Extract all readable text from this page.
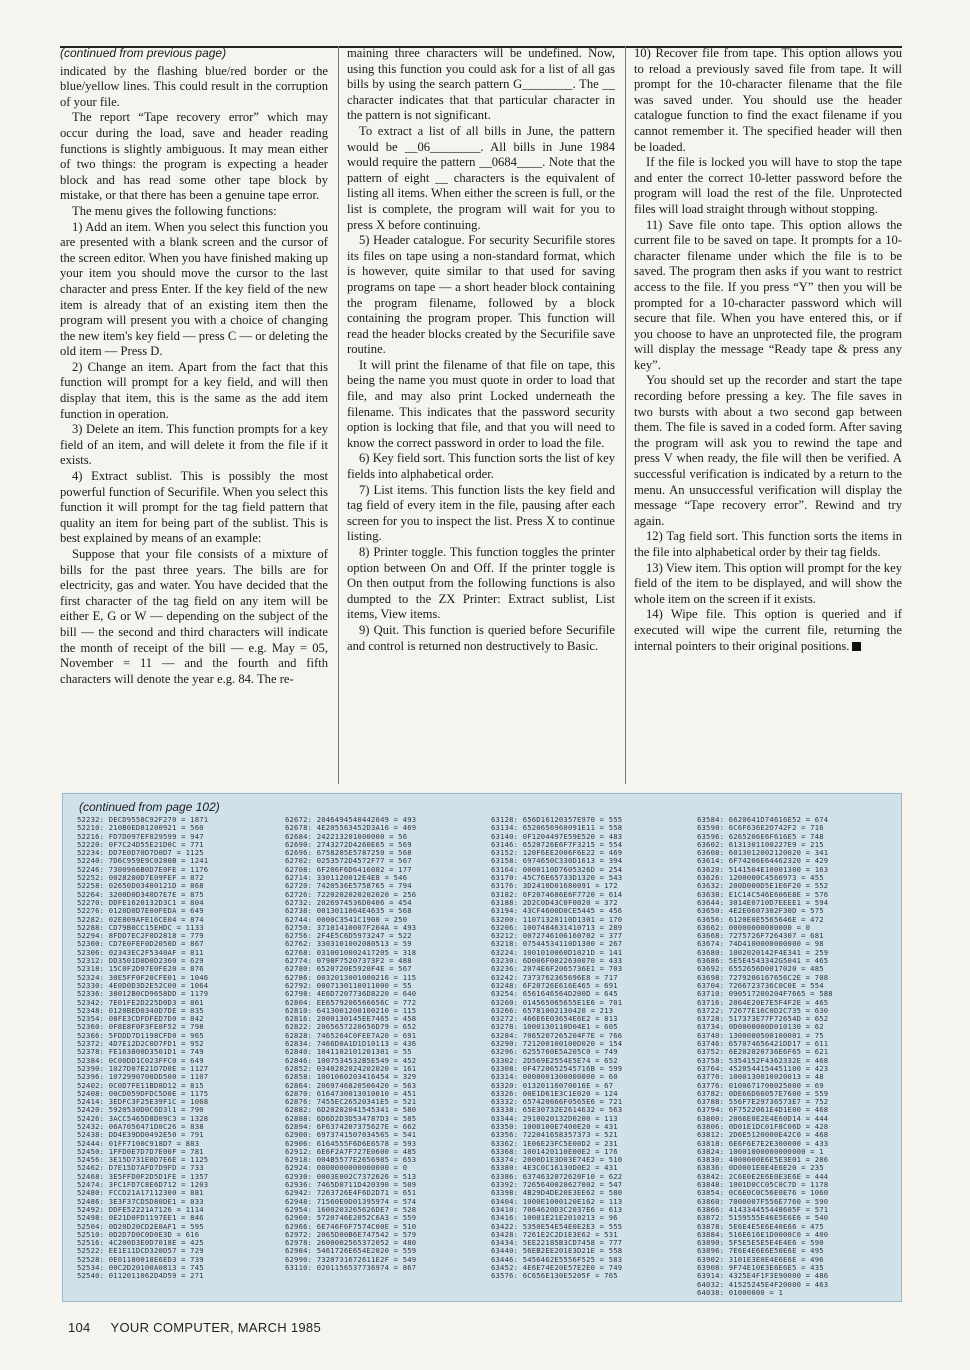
(continued from previous page)

indicated by the flashing blue/red border or the blue/yellow lines. This could result in the corruption of your file.

The report “Tape recovery error” which may occur during the load, save and header reading functions is slightly ambiguous. It may mean either of two things: the program is expecting a header block and has read some other tape block by mistake, or that there has been a genuine tape error.

The menu gives the following functions:

1) Add an item. When you select this function you are presented with a blank screen and the cursor of the screen editor. When you have finished making up your item you should move the cursor to the last character and press Enter. If the key field of the new item is already that of an existing item then the program will present you with a choice of changing the new item's key field — press C — or deleting the old item — Press D.

2) Change an item. Apart from the fact that this function will prompt for a key field, and will then display that item, this is the same as the add item function in operation.

3) Delete an item. This function prompts for a key field of an item, and will delete it from the file if it exists.

4) Extract sublist. This is possibly the most powerful function of Securifile. When you select this function it will prompt for the tag field pattern that quality an item for being part of the sublist. This is best explained by means of an example:

Suppose that your file consists of a mixture of bills for the past three years. The bills are for electricity, gas and water. You have decided that the first character of the tag field on any item will be either E, G or W — depending on the subject of the bill — the second and third characters will indicate the month of receipt of the bill — e.g. May = 05, November = 11 — and the fourth and fifth characters will denote the year e.g. 84. The re-

maining three characters will be undefined. Now, using this function you could ask for a list of all gas bills by using the search pattern G________. The __ character indicates that that particular character in the pattern is not significant.

To extract a list of all bills in June, the pattern would be __06________. All bills in June 1984 would require the pattern __0684____. Note that the pattern of eight __ characters is the equivalent of listing all items. When either the screen is full, or the list is complete, the program will wait for you to press X before continuing.

5) Header catalogue. For security Securifile stores its files on tape using a non-standard format, which is however, quite similar to that used for saving programs on tape — a short header block containing the program filename, followed by a block containing the program proper. This function will read the header blocks created by the Securifile save routine.

It will print the filename of that file on tape, this being the name you must quote in order to load that file, and may also print Locked underneath the filename. This indicates that the password security option is locking that file, and that you will need to know the correct password in order to load the file.

6) Key field sort. This function sorts the list of key fields into alphabetical order.

7) List items. This function lists the key field and tag field of every item in the file, pausing after each screen for you to inspect the list. Press X to continue listing.

8) Printer toggle. This function toggles the printer option between On and Off. If the printer toggle is On then output from the following functions is also dumpted to the ZX Printer: Extract sublist, List items, View items.

9) Quit. This function is queried before Securifile and control is returned non destructively to Basic.

10) Recover file from tape. This option allows you to reload a previously saved file from tape. It will prompt for the 10-character filename that the file was saved under. You should use the header catalogue function to find the exact filename if you cannot remember it. The specified header will then be loaded.

If the file is locked you will have to stop the tape and enter the correct 10-letter password before the program will load the rest of the file. Unprotected files will load straight through without stopping.

11) Save file onto tape. This option allows the current file to be saved on tape. It prompts for a 10-character filename under which the file is to be saved. The program then asks if you want to restrict access to the file. If you press “Y” then you will be prompted for a 10-character password which will secure that file. When you have entered this, or if you choose to have an unprotected file, the program will display the message “Ready tape & press any key”.

You should set up the recorder and start the tape recording before pressing a key. The file saves in two bursts with about a two second gap between them. The file is saved in a coded form. After saving the program will ask you to rewind the tape and press V when ready, the file will then be verified. A successful verification is indicated by a return to the menu. An unsuccessful verification will display the message “Tape recovery error”. Rewind and try again.

12) Tag field sort. This function sorts the items in the file into alphabetical order by their tag fields.

13) View item. This option will prompt for the key field of the item to be displayed, and will show the whole item on the screen if it exists.

14) Wipe file. This option is queried and if executed will wipe the current file, returning the internal pointers to their original positions.

(continued from page 102)
52232: DECD9558C92F270 = 1871
52210: 210B0ED81200921 = 560
52216: FD7D097EF029599 = 947
52220: 0F7C24D55E21D0C = 771
52234: DD7E0D70D7D0D7 = 1125
52240: 7D6C959E9C0280B = 1241
52246: 7300966B0D7E0FE = 1176
52252: 0028200D7E09FEF = 872
52258: 02650D03400121D = 868
52264: 3200D0D340D7E7E = 875
52270: DDFE1620132D3C1 = 804
52276: 0120D0D7E00FEDA = 649
52282: 02E809AFE16CE04 = 874
52288: CD79B0CC15EHDC = 1133
52294: 8FDD7EC2F0D2818 = 779
52300: CD7E0FEF0D2050D = 867
52306: 02343EC2F5340AF = 811
52312: DD3501D0D0D2360 = 629
52318: 15C0F2D07E0FE20 = 876
52324: 30E5FF0F20CFE01 = 1046
52330: 4E0D0D3D2E52C00 = 1064
52336: 38012B0CD9658DD = 1179
52342: 7E01FE2D225D0D3 = 861
52348: 0120BED0340D7DE = 835
52354: 08FE3CDFDFED7D0 = 842
52360: 0F8E8F0F3FE0F52 = 798
52366: 5FDDD7D1198CFD0 = 965
52372: 4D7E12D2C0D7FD1 = 952
52378: FE163800D3501D1 = 749
52384: 0C00DD1C023FFC0 = 649
52390: 1027D07E21D7D0E = 1127
52396: 1072990700DD500 = 1107
52402: 0C0D7FE11BD8D12 = 815
52408: 00CD059DFDC5D0E = 1175
52414: 3EDFC3F25E39F1C = 1068
52420: 5920530D0C6D3l1 = 790
52426: 3ACC5465D8D09C3 = 1328
52432: 06A7056471D0C26 = 838
52438: DD4E39DD0492E50 = 791
52444: 01FF7100C918D7 = 883
52450: 1FFD0E7D7D7E00F = 781
52456: 3E15D731E0D7E6E = 1125
52462: D7E15D7AFD7D9FD = 733
52468: 3E5FFD0F2D5D1FE = 1357
52474: 3FC1FD7C8E6D712 = 1203
52480: FCCD21A17112300 = 881
52486: 3E3F37CD5D80DE1 = 833
52492: DDFE52221A7126 = 1114
52498: 0E21D0FD1197EE1 = 846
52504: 0D20D20CD2E0AF1 = 595
52510: 0D2D7D0C0D0E3D = 616
52516: 4C200D3E0D7018E = 425
52522: EE1E11DCD320D57 = 729
52528: 0E01180018E6ED3 = 739
52534: 00C2D20100A0813 = 745
52540: 0112011062D4D59 = 271
62672: 2046494540442049 = 493
62678: 4E205563452D3A16 = 469
62684: 242213201000000 = 56
62690: 2743272D4260E65 = 569
62696: 6758205E5787250 = 568
62702: 0253572D4572F77 = 567
62708: 6F206F6D6416002 = 177
62714: 3301120012E4E8 = 546
62720: 7420536E5758765 = 794
62726: 7220202020202020 = 256
62732: 2026974536D0406 = 454
62738: 0013011064E4635 = 568
62744: 0000C3541C1900 = 250
62750: 37101410007F204A = 493
62756: 2F4E5C6D5973247 = 522
62762: 3303101002080513 = 59
62768: 0310010002417205 = 318
62774: 0798F75207373F2 = 488
62780: 6520720E5920F4E = 567
62786: 0032013001000216 = 115
62792: 0007130110011000 = 55
62798: 4E6D7207736D8220 = 640
62804: EE6579206566656C = 772
62810: 6413001200100210 = 115
62816: 2000130145EE7465 = 458
62822: 2065657220656D79 = 652
62828: 7465264C0FEE7A20 = 691
62834: 7466D0A1D1D10113 = 436
62840: 1041102101201301 = 55
62846: 1007534532B5E549 = 452
62852: 0340202024202020 = 161
62858: 1001060203416454 = 329
62864: 2069746820506420 = 563
62870: 6164730013010010 = 451
62876: 7455EC26520341E5 = 521
62882: 6D20202041545341 = 580
62888: 6D6D2D3D534787D3 = 585
62894: 6F6374207375627E = 662
62900: 6973741507034565 = 541
62906: 6164555F6D6E6578 = 593
62912: 6E6F2A7F727E0600 = 485
62918: 004B5577E2656985 = 653
62924: 0000000000000000 = 0
62930: 0003E002C7372626 = 513
62936: 7465D0711D420390 = 509
62942: 7263726E4F6D2D71 = 651
62948: 71560E0D01395974 = 574
62954: 1600203265626DE7 = 528
62960: 5720746E2052C6A3 = 559
62966: 6E746F6F7574C00E = 510
62972: 2065D00B6E747542 = 579
62978: 2600002565372052 = 480
62984: 5461726E654E2020 = 559
62990: 7320731672611E2F = 549
63110: 0201156537736974 = 867
63128: 656D16120357E970 = 555
63134: 6520656960091E11 = 558
63140: 0F1204497E59E520 = 483
63146: 6520726E6F7F3215 = 554
63152: 120F6EE2006F6E22 = 469
63158: 6974650C330D1613 = 394
63164: 0000110D7605326D = 254
63170: 45C76E65733D1320 = 543
63176: 3D2410D01680091 = 172
63182: 6F2074686E6F7720 = 614
63188: 2D2C0D43C0F0020 = 372
63194: 43CF4600D0CE5445 = 456
63200: 11071320110D1301 = 170
63206: 1007484631410713 = 289
63212: 0072746106160702 = 377
63218: 07544534110D1300 = 267
63224: 1001010060D1021D = 141
63230: 6D006F0022630070 = 433
63236: 2074E6F2065736E1 = 703
63242: 7373762365696E8 = 717
63248: 6F20726E616E465 = 691
63254: 6561646564D200D = 645
63260: 014565065655E1E6 = 701
63266: 65781002130420 = 213
63272: 466E6E03654E6E2 = 813
63278: 1000130110D04E1 = 605
63284: 7065207265204F7E = 766
63290: 721200100100D020 = 154
63296: 6255760E5A205C0 = 749
63302: 2D569E2554E5E74 = 652
63308: 0F4720652545716B = 599
63314: 0000001300000000 = 60
63320: 01320116070016E = 67
63326: 00E1D61E3C1E020 = 124
63332: 657420666F0565E6 = 721
63338: 65E30732E2614632 = 563
63344: 2910020132D0200 = 113
63350: 1000100E7400E20 = 431
63356: 722041658357373 = 521
63362: 1E06E23FC5E00D2 = 231
63368: 1001420110E00E2 = 176
63374: 2000D1E3D03E74E2 = 510
63380: 4E3C0C16130D0E2 = 431
63386: 6374632072620F10 = 622
63392: 7265640020627002 = 547
63398: 4B29D4DE20E3EE62 = 580
63404: 1000E1000120E162 = 113
63410: 7064620D3C2037E6 = 613
63416: 10001E21E2010213 = 96
63422: 5350E54E54E0E2E3 = 555
63428: 7261E2C2D1E3E62 = 531
63434: 5EE22185B3CD7458 = 777
63440: 56EB2EE201E3D21E = 558
63446: 5456462E5556F525 = 583
63452: 4E6E74E20E57E2E0 = 749
63576: 6C656E130E5205F = 765
63584: 6620641D74616E52 = 674
63590: 6C6F636E2O742F2 = 716
63596: 6265206E6F616E5 = 748
63602: 6131301100227E9 = 215
63608: 6013012002120020 = 341
63614: 6F74206E64462320 = 429
63620: 5141504E10001300 = 163
63626: 1200000C4566973 = 455
63632: 200D000D5E1E6F20 = 552
63638: E1C14C546E606E8E = 576
63644: 3014E0710D7EEEE1 = 594
63650: 4E2E0607302F30D = 575
63656: 6120E0E5565646E = 472
63662: 00000000000000 = 0
63668: 7275726F7264307 = 681
63674: 74D4100000000000 = 98
63680: 1002020142F4E341 = 259
63686: 5E5E4543342G5041 = 465
63692: 6552656D0017020 = 485
63698: 7279206167656C2E = 708
63704: 7266723736C0C0E = 554
63710: 090517200204F7665 = 588
63716: 2064E20E7E5F4F2E = 465
63722: 72677E16C0D2C735 = 630
63728: 517373E77F72654D = 652
63734: 0D0000000D010130 = 62
63740: 1300000500100001 = 75
63746: 657074656421DD17 = 611
63752: 6E202020736E6F65 = 621
63758: 5354152F4362332E = 468
63764: 4520544154451100 = 423
63770: 1000130010020013 = 48
63776: 0100671700025000 = 69
63782: 0DE66D66057E7600 = 559
63788: 556F7E29736573E7 = 752
63794: 6F7522061E4D1E00 = 468
63800: 2066E0E2E4E60D14 = 444
63806: 0D01E1DC01F8C06D = 428
63812: 2D6E5120000E42C0 = 468
63818: 6E6F6E7E2E300000 = 433
63824: 10001000000000000 = 1
63830: 4000000E6E5E3E01 = 286
63836: 0D0001E0E4E6E20 = 235
63842: 2C6E0E2E6E0E3E6E = 444
63848: 1001D0CC05C0C7D = 1178
63854: 0C6E0C0C56E0E76 = 1060
63860: 7000007F556E7760 = 590
63866: 414334455448605F = 571
63872: 5159555E46E5E6E6 = 540
63878: 5E6E4E5E6E40E66 = 475
63884: 516E616E1D0000C0 = 400
63890: 5F5E5E5E5E4E4E6 = 590
63896: 7E6E4E6E6E50E6E = 495
63902: 3101E3E0E4E6E6E = 496
63908: 9F74E10E3E6E6E5 = 435
63914: 4325E4F1F3E90000 = 486
64032: 41525245E4F20000 = 463
64038: 01000000 = 1
104 YOUR COMPUTER, MARCH 1985
